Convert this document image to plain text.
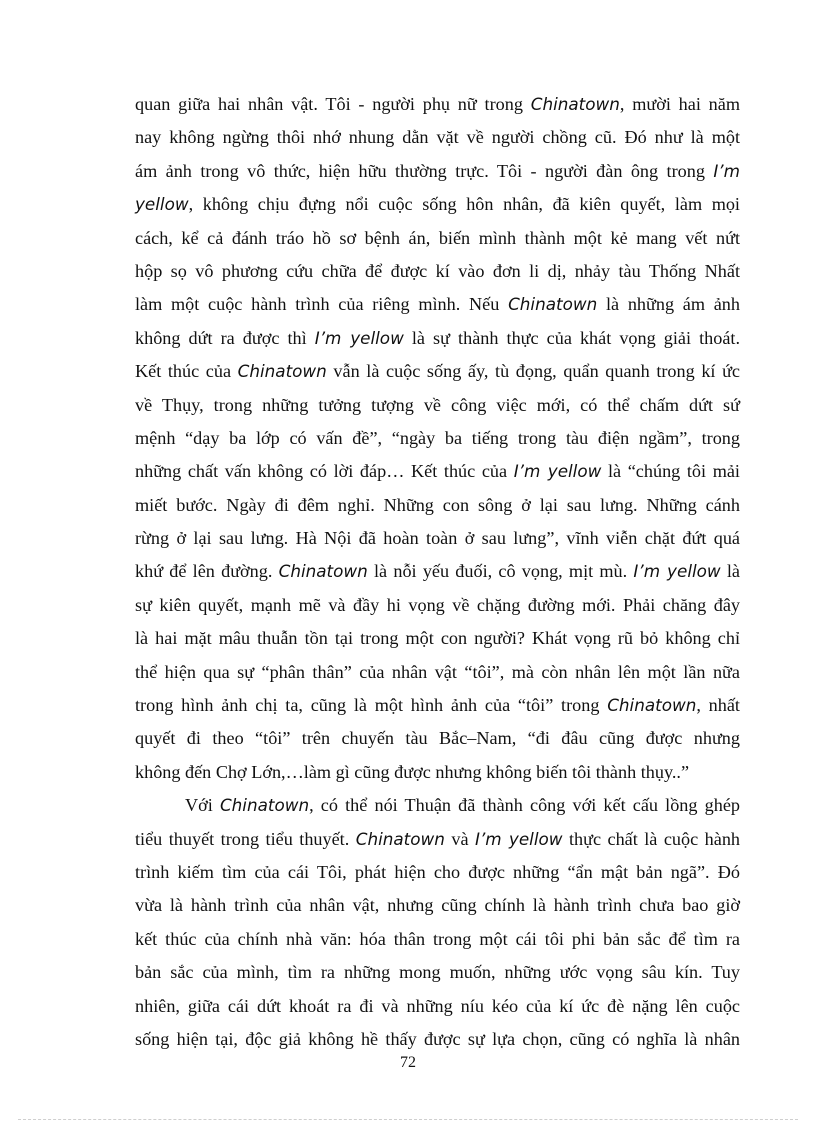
quan giữa hai nhân vật. Tôi - người phụ nữ trong Chinatown, mười hai năm
nay không ngừng thôi nhớ nhung dằn vặt về người chồng cũ. Đó như là một
ám ảnh trong vô thức, hiện hữu thường trực. Tôi - người đàn ông trong I’m
yellow, không chịu đựng nổi cuộc sống hôn nhân, đã kiên quyết, làm mọi
cách, kể cả đánh tráo hồ sơ bệnh án, biến mình thành một kẻ mang vết nứt
hộp sọ vô phương cứu chữa để được kí vào đơn li dị, nhảy tàu Thống Nhất
làm một cuộc hành trình của riêng mình. Nếu Chinatown là những ám ảnh
không dứt ra được thì I’m yellow là sự thành thực của khát vọng giải thoát.
Kết thúc của Chinatown vẫn là cuộc sống ấy, tù đọng, quẩn quanh trong kí ức
về Thụy, trong những tưởng tượng về công việc mới, có thể chấm dứt sứ
mệnh “dạy ba lớp có vấn đề”, “ngày ba tiếng trong tàu điện ngầm”, trong
những chất vấn không có lời đáp… Kết thúc của I’m yellow là “chúng tôi mải
miết bước. Ngày đi đêm nghỉ. Những con sông ở lại sau lưng. Những cánh
rừng ở lại sau lưng. Hà Nội đã hoàn toàn ở sau lưng”, vĩnh viễn chặt đứt quá
khứ để lên đường. Chinatown là nỗi yếu đuối, cô vọng, mịt mù. I’m yellow là
sự kiên quyết, mạnh mẽ và đầy hi vọng về chặng đường mới. Phải chăng đây
là hai mặt mâu thuẫn tồn tại trong một con người? Khát vọng rũ bỏ không chỉ
thể hiện qua sự “phân thân” của nhân vật “tôi”, mà còn nhân lên một lần nữa
trong hình ảnh chị ta, cũng là một hình ảnh của “tôi” trong Chinatown, nhất
quyết đi theo “tôi” trên chuyến tàu Bắc–Nam, “đi đâu cũng được nhưng
không đến Chợ Lớn,…làm gì cũng được nhưng không biến tôi thành thụy..”
Với Chinatown, có thể nói Thuận đã thành công với kết cấu lồng ghép
tiểu thuyết trong tiểu thuyết. Chinatown và I’m yellow thực chất là cuộc hành
trình kiếm tìm của cái Tôi, phát hiện cho được những “ẩn mật bản ngã”. Đó
vừa là hành trình của nhân vật, nhưng cũng chính là hành trình chưa bao giờ
kết thúc của chính nhà văn: hóa thân trong một cái tôi phi bản sắc để tìm ra
bản sắc của mình, tìm ra những mong muốn, những ước vọng sâu kín. Tuy
nhiên, giữa cái dứt khoát ra đi và những níu kéo của kí ức đè nặng lên cuộc
sống hiện tại, độc giả không hề thấy được sự lựa chọn, cũng có nghĩa là nhân
72
